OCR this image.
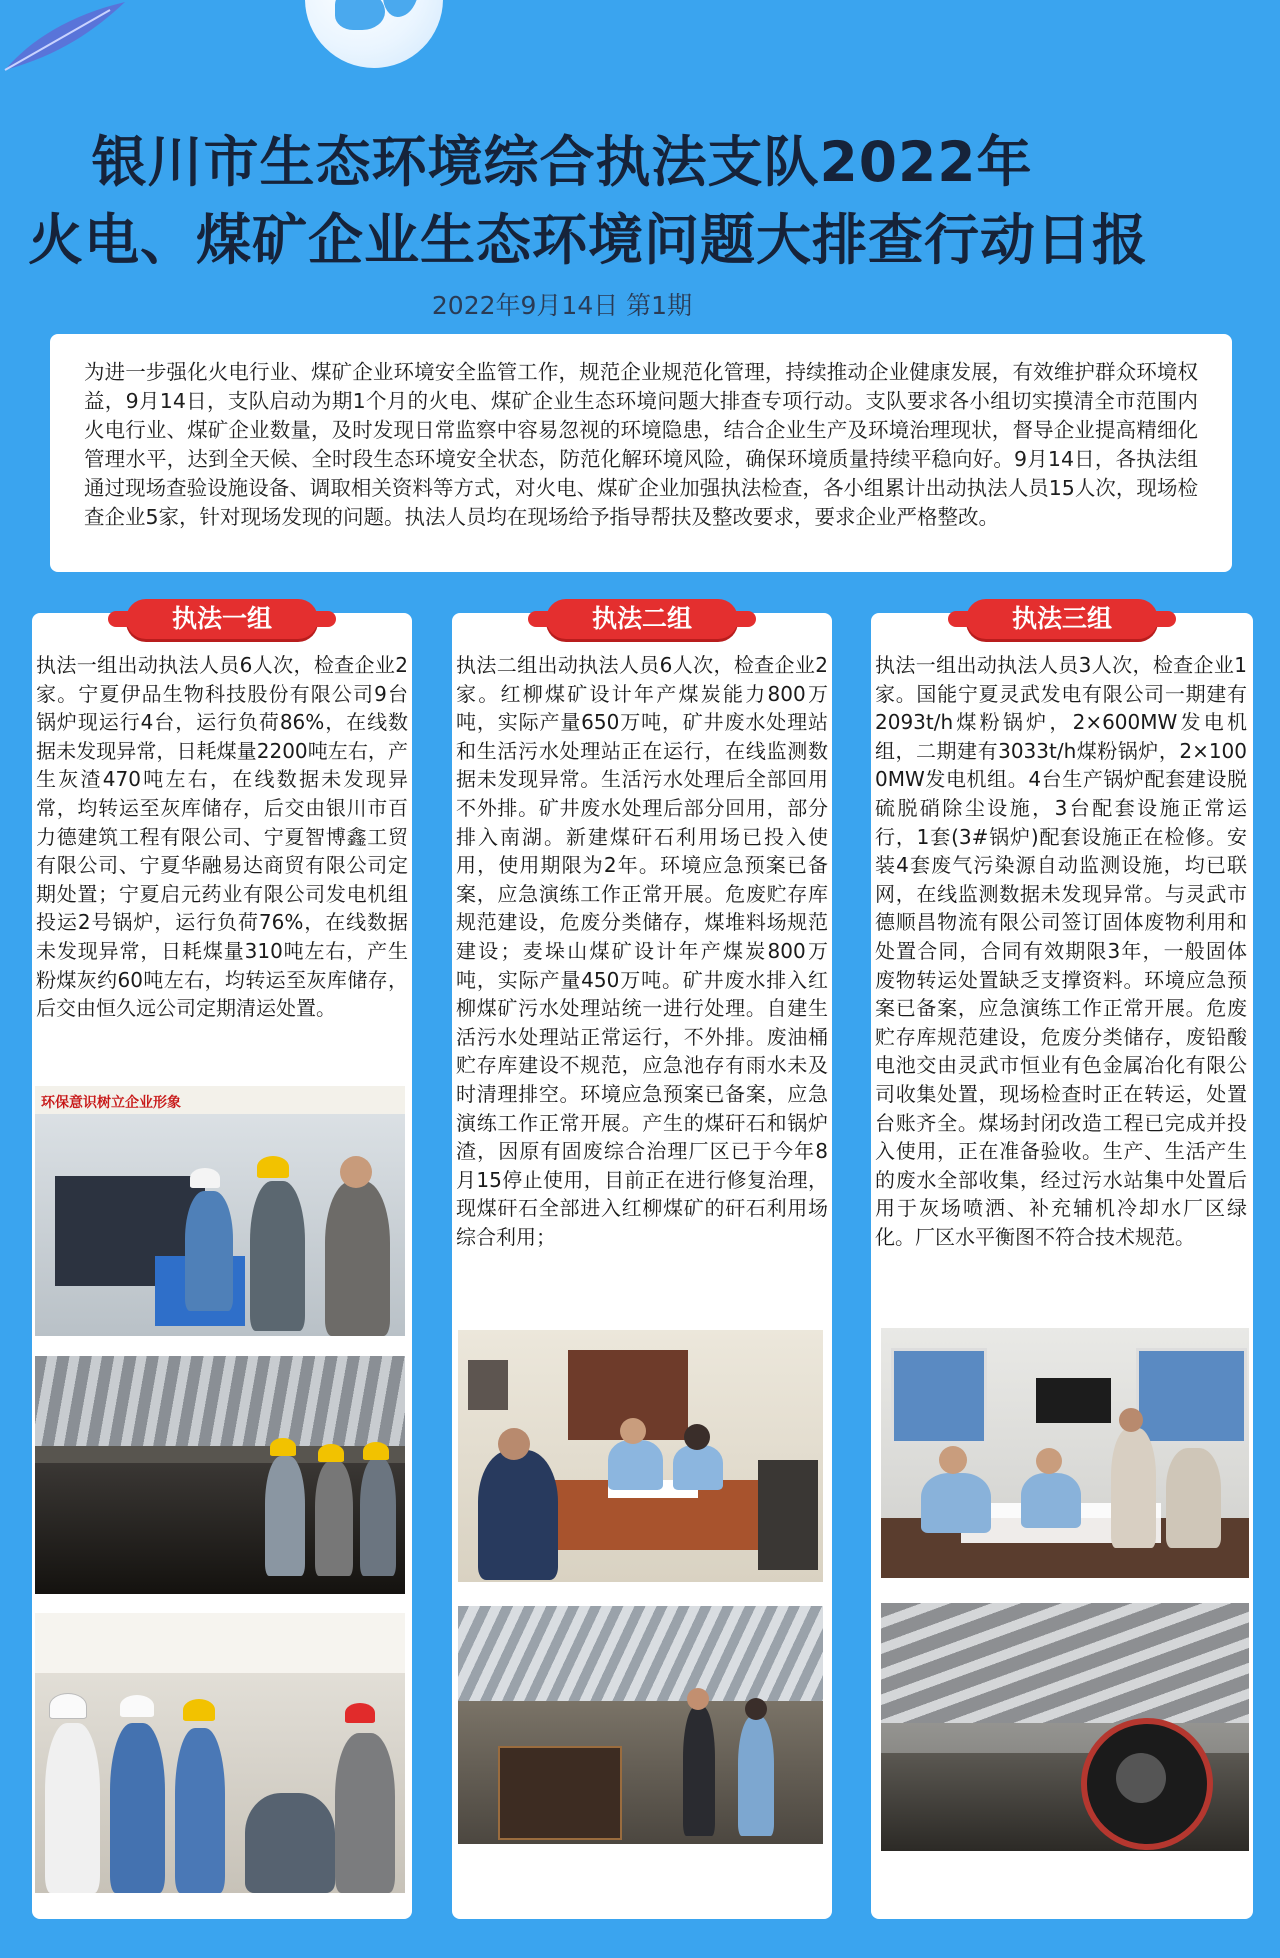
银川市生态环境综合执法支队2022年
火电、煤矿企业生态环境问题大排查行动日报
2022年9月14日 第1期
为进一步强化火电行业、煤矿企业环境安全监管工作，规范企业规范化管理，持续推动企业健康发展，有效维护群众环境权益，9月14日，支队启动为期1个月的火电、煤矿企业生态环境问题大排查专项行动。支队要求各小组切实摸清全市范围内火电行业、煤矿企业数量，及时发现日常监察中容易忽视的环境隐患，结合企业生产及环境治理现状，督导企业提高精细化管理水平，达到全天候、全时段生态环境安全状态，防范化解环境风险，确保环境质量持续平稳向好。9月14日，各执法组通过现场查验设施设备、调取相关资料等方式，对火电、煤矿企业加强执法检查，各小组累计出动执法人员15人次，现场检查企业5家，针对现场发现的问题。执法人员均在现场给予指导帮扶及整改要求，要求企业严格整改。
执法一组
执法一组出动执法人员6人次，检查企业2家。宁夏伊品生物科技股份有限公司9台锅炉现运行4台，运行负荷86%，在线数据未发现异常，日耗煤量2200吨左右，产生灰渣470吨左右，在线数据未发现异常，均转运至灰库储存，后交由银川市百力德建筑工程有限公司、宁夏智博鑫工贸有限公司、宁夏华融易达商贸有限公司定期处置；宁夏启元药业有限公司发电机组投运2号锅炉，运行负荷76%，在线数据未发现异常，日耗煤量310吨左右，产生粉煤灰约60吨左右，均转运至灰库储存，后交由恒久远公司定期清运处置。
环保意识树立企业形象
执法二组
执法二组出动执法人员6人次，检查企业2家。红柳煤矿设计年产煤炭能力800万吨，实际产量650万吨，矿井废水处理站和生活污水处理站正在运行，在线监测数据未发现异常。生活污水处理后全部回用不外排。矿井废水处理后部分回用，部分排入南湖。新建煤矸石利用场已投入使用，使用期限为2年。环境应急预案已备案，应急演练工作正常开展。危废贮存库规范建设，危废分类储存，煤堆料场规范建设；麦垛山煤矿设计年产煤炭800万吨，实际产量450万吨。矿井废水排入红柳煤矿污水处理站统一进行处理。自建生活污水处理站正常运行，不外排。废油桶贮存库建设不规范，应急池存有雨水未及时清理排空。环境应急预案已备案，应急演练工作正常开展。产生的煤矸石和锅炉渣，因原有固废综合治理厂区已于今年8月15停止使用，目前正在进行修复治理，现煤矸石全部进入红柳煤矿的矸石利用场综合利用；
执法三组
执法一组出动执法人员3人次，检查企业1家。国能宁夏灵武发电有限公司一期建有2093t/h煤粉锅炉，2×600MW发电机组，二期建有3033t/h煤粉锅炉，2×1000MW发电机组。4台生产锅炉配套建设脱硫脱硝除尘设施，3台配套设施正常运行，1套(3#锅炉)配套设施正在检修。安装4套废气污染源自动监测设施，均已联网，在线监测数据未发现异常。与灵武市德顺昌物流有限公司签订固体废物利用和处置合同，合同有效期限3年，一般固体废物转运处置缺乏支撑资料。环境应急预案已备案，应急演练工作正常开展。危废贮存库规范建设，危废分类储存，废铅酸电池交由灵武市恒业有色金属冶化有限公司收集处置，现场检查时正在转运，处置台账齐全。煤场封闭改造工程已完成并投入使用，正在准备验收。生产、生活产生的废水全部收集，经过污水站集中处置后用于灰场喷洒、补充辅机冷却水厂区绿化。厂区水平衡图不符合技术规范。
